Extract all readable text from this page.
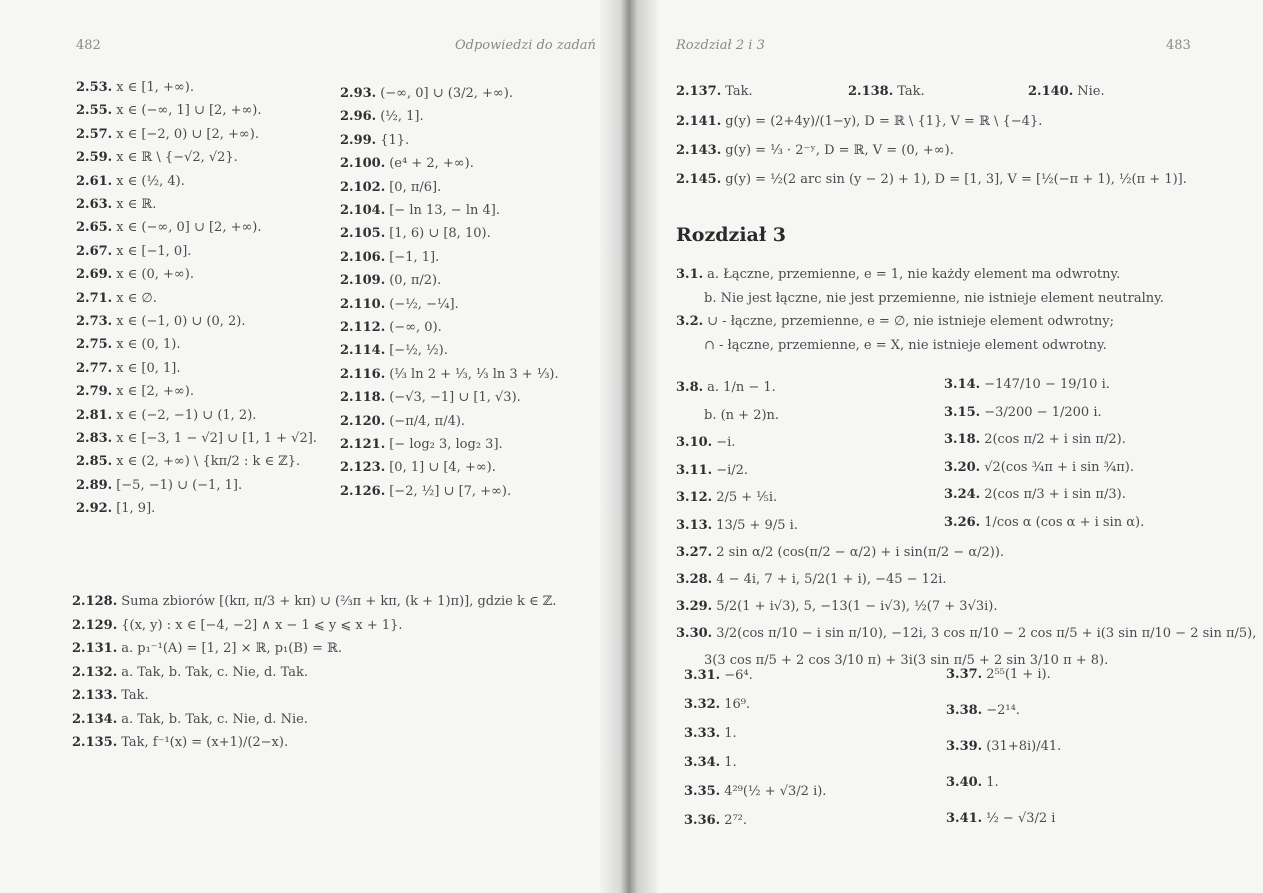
482	Odpowiedzi do zadań	Rozdział 2 i 3	483
2.53. x ∈ [1, +∞).
2.55. x ∈ (−∞, 1] ∪ [2, +∞).
2.57. x ∈ [−2, 0) ∪ [2, +∞).
2.59. x ∈ ℝ \ {−√2, √2}.
2.61. x ∈ (½, 4).
2.63. x ∈ ℝ.
2.65. x ∈ (−∞, 0] ∪ [2, +∞).
2.67. x ∈ [−1, 0].
2.69. x ∈ (0, +∞).
2.71. x ∈ ∅.
2.73. x ∈ (−1, 0) ∪ (0, 2).
2.75. x ∈ (0, 1).
2.77. x ∈ [0, 1].
2.79. x ∈ [2, +∞).
2.81. x ∈ (−2, −1) ∪ (1, 2).
2.83. x ∈ [−3, 1 − √2] ∪ [1, 1 + √2].
2.85. x ∈ (2, +∞) \ {kπ/2 : k ∈ ℤ}.
2.89. [−5, −1) ∪ (−1, 1].
2.92. [1, 9].
2.93. (−∞, 0] ∪ (3/2, +∞).
2.96. (½, 1].
2.99. {1}.
2.100. (e⁴ + 2, +∞).
2.102. [0, π/6].
2.104. [− ln 13, − ln 4].
2.105. [1, 6) ∪ [8, 10).
2.106. [−1, 1].
2.109. (0, π/2).
2.110. (−½, −¼].
2.112. (−∞, 0).
2.114. [−½, ½).
2.116. (⅓ ln 2 + ⅓, ⅓ ln 3 + ⅓).
2.118. (−√3, −1] ∪ [1, √3).
2.120. (−π/4, π/4).
2.121. [− log₂ 3, log₂ 3].
2.123. [0, 1] ∪ [4, +∞).
2.126. [−2, ½] ∪ [7, +∞).
2.128. Suma zbiorów [(kπ, π/3 + kπ) ∪ (⅔π + kπ, (k + 1)π)], gdzie k ∈ ℤ.
2.129. {(x, y) : x ∈ [−4, −2] ∧ x − 1 ⩽ y ⩽ x + 1}.
2.131. a. p₁⁻¹(A) = [1, 2] × ℝ, p₁(B) = ℝ.
2.132. a. Tak, b. Tak, c. Nie, d. Tak.
2.133. Tak.
2.134. a. Tak, b. Tak, c. Nie, d. Nie.
2.135. Tak, f⁻¹(x) = (x+1)/(2−x).
2.137. Tak.	2.138. Tak.	2.140. Nie.
2.141. g(y) = (2+4y)/(1−y), D = ℝ \ {1}, V = ℝ \ {−4}.
2.143. g(y) = ⅓ · 2⁻ʸ, D = ℝ, V = (0, +∞).
2.145. g(y) = ½(2 arc sin (y − 2) + 1), D = [1, 3], V = [½(−π + 1), ½(π + 1)].
3.1. a. Łączne, przemienne, e = 1, nie każdy element ma odwrotny.
b. Nie jest łączne, nie jest przemienne, nie istnieje element neutralny.
3.2. ∪ - łączne, przemienne, e = ∅, nie istnieje element odwrotny;
∩ - łączne, przemienne, e = X, nie istnieje element odwrotny.
3.8. a. 1/n − 1.
b. (n + 2)n.
3.10. −i.
3.11. −i/2.
3.12. 2/5 + ⅕i.
3.13. 13/5 + 9/5 i.
3.14. −147/10 − 19/10 i.
3.15. −3/200 − 1/200 i.
3.18. 2(cos π/2 + i sin π/2).
3.20. √2(cos ¾π + i sin ¾π).
3.24. 2(cos π/3 + i sin π/3).
3.26. 1/cos α (cos α + i sin α).
3.27. 2 sin α/2 (cos(π/2 − α/2) + i sin(π/2 − α/2)).
3.28. 4 − 4i, 7 + i, 5/2(1 + i), −45 − 12i.
3.29. 5/2(1 + i√3), 5, −13(1 − i√3), ½(7 + 3√3i).
3.30. 3/2(cos π/10 − i sin π/10), −12i, 3 cos π/10 − 2 cos π/5 + i(3 sin π/10 − 2 sin π/5),
3(3 cos π/5 + 2 cos 3/10 π) + 3i(3 sin π/5 + 2 sin 3/10 π + 8).
3.31. −6⁴.
3.32. 16⁹.
3.33. 1.
3.34. 1.
3.35. 4²⁹(½ + √3/2 i).
3.36. 2⁷².
3.37. 2⁵⁵(1 + i).
3.38. −2¹⁴.
3.39. (31+8i)/41.
3.40. 1.
3.41. ½ − √3/2 i
Rozdział 3
